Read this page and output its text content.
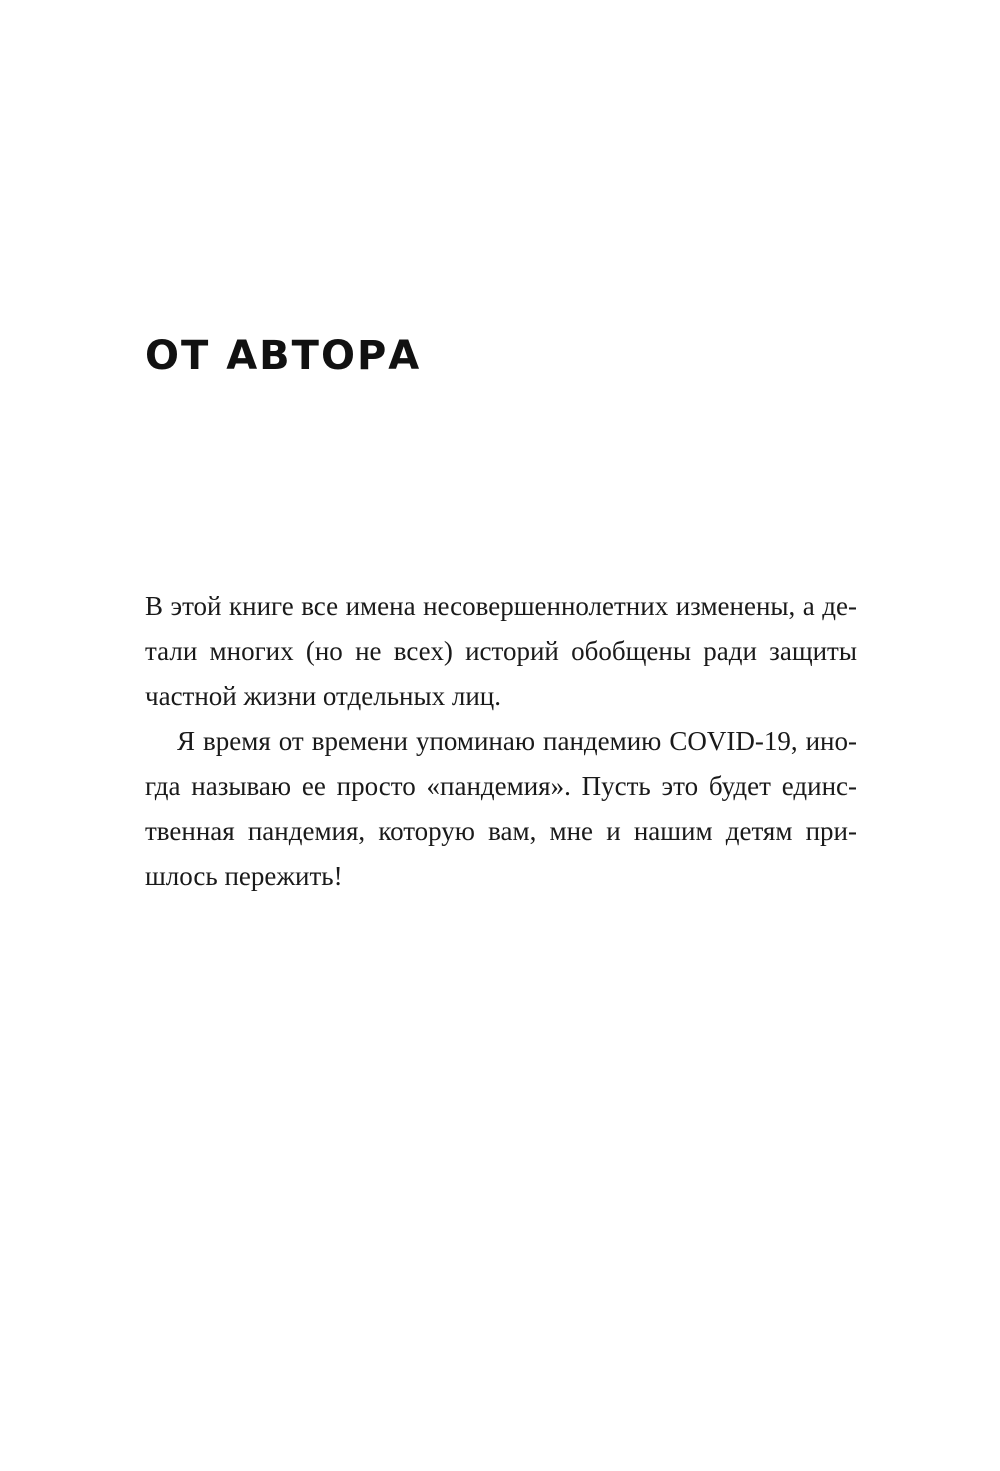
ОТ АВТОРА
В этой книге все имена несовершеннолетних изменены, а де-
тали многих (но не всех) историй обобщены ради защиты
частной жизни отдельных лиц.
Я время от времени упоминаю пандемию COVID-19, ино-
гда называю ее просто «пандемия». Пусть это будет единс-
твенная пандемия, которую вам, мне и нашим детям при-
шлось пережить!
